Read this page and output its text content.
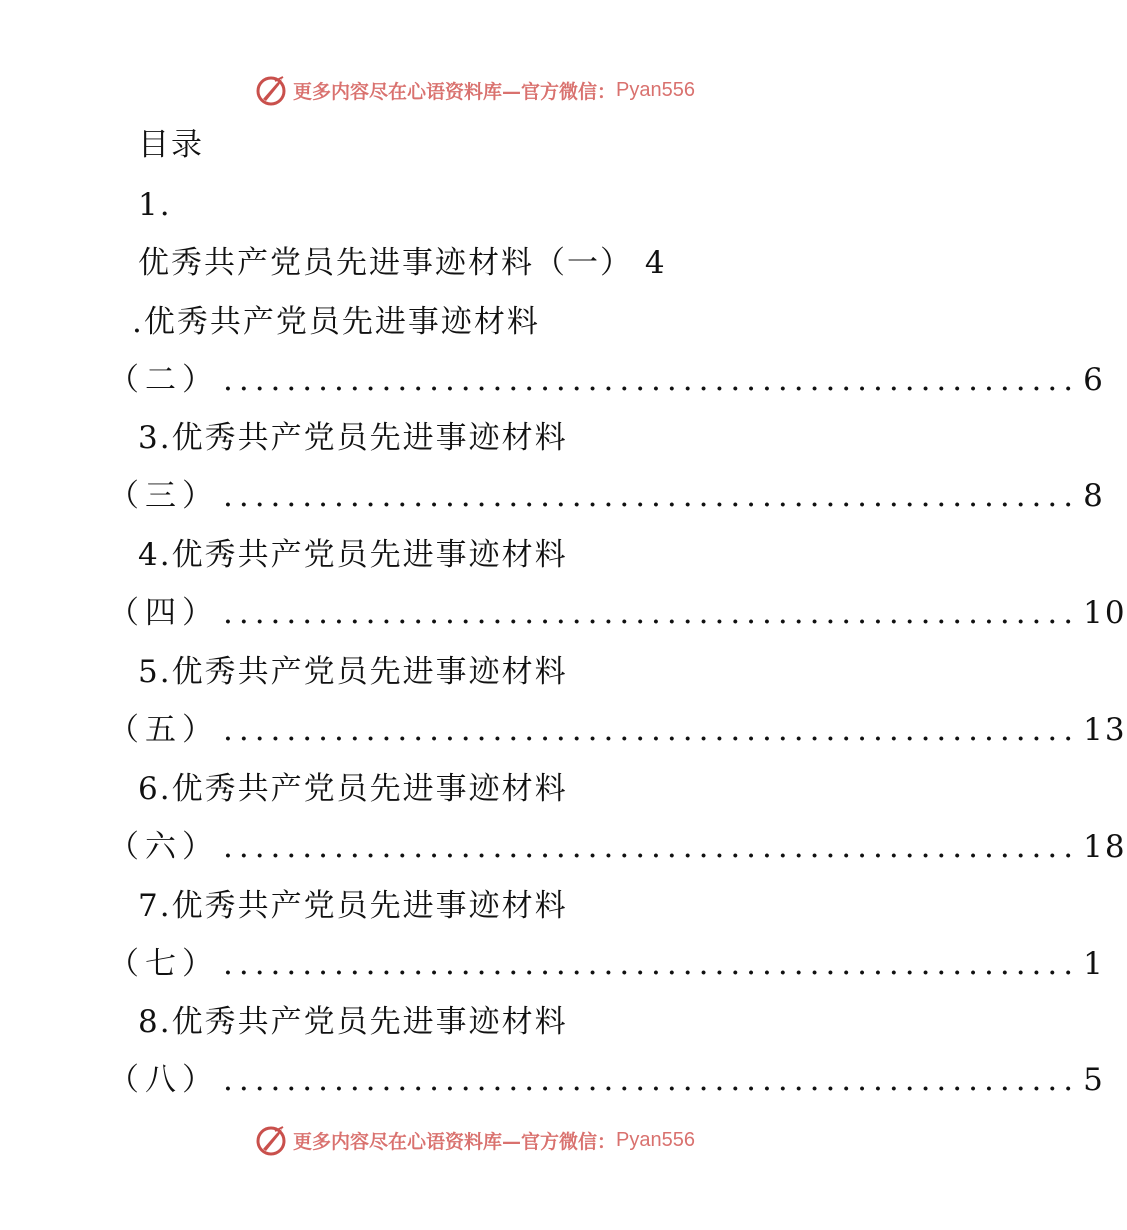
更多内容尽在心语资料库—官方微信： Pyan556
目录
1.
优秀共产党员先进事迹材料（一） 4
.优秀共产党员先进事迹材料
（二） ...................................................... 6
3.优秀共产党员先进事迹材料
（三） ...................................................... 8
4.优秀共产党员先进事迹材料
（四） ...................................................... 10
5.优秀共产党员先进事迹材料
（五） ...................................................... 13
6.优秀共产党员先进事迹材料
（六） ...................................................... 18
7.优秀共产党员先进事迹材料
（七） ...................................................... 1
8.优秀共产党员先进事迹材料
（八） ...................................................... 5
更多内容尽在心语资料库—官方微信： Pyan556
